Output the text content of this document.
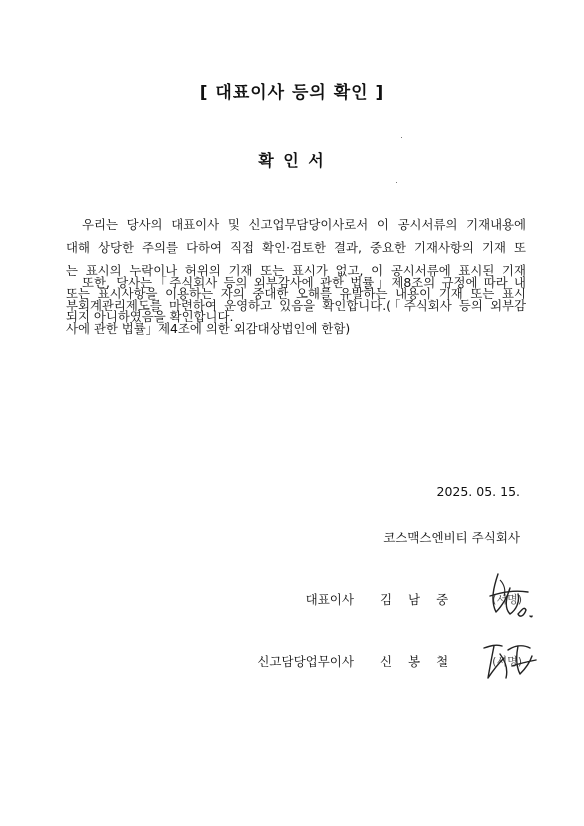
[ 대표이사 등의 확인 ]
확 인 서
우리는 당사의 대표이사 및 신고업무담당이사로서 이 공시서류의 기재내용에
대해 상당한 주의를 다하여 직접 확인·검토한 결과, 중요한 기재사항의 기재 또
는 표시의 누락이나 허위의 기재 또는 표시가 없고, 이 공시서류에 표시된 기재
또는 표시사항을 이용하는 자의 중대한 오해를 유발하는 내용이 기재 또는 표시
되지 아니하였음을 확인합니다.
또한, 당사는「주식회사 등의 외부감사에 관한 법률」제8조의 규정에 따라 내
부회계관리제도를 마련하여 운영하고 있음을 확인합니다.(「주식회사 등의 외부감
사에 관한 법률」제4조에 의한 외감대상법인에 한함)
2025. 05. 15.
코스맥스엔비티 주식회사
대표이사 김 남 중	(서명)
신고담당업무이사 신 봉 철	(서명)
